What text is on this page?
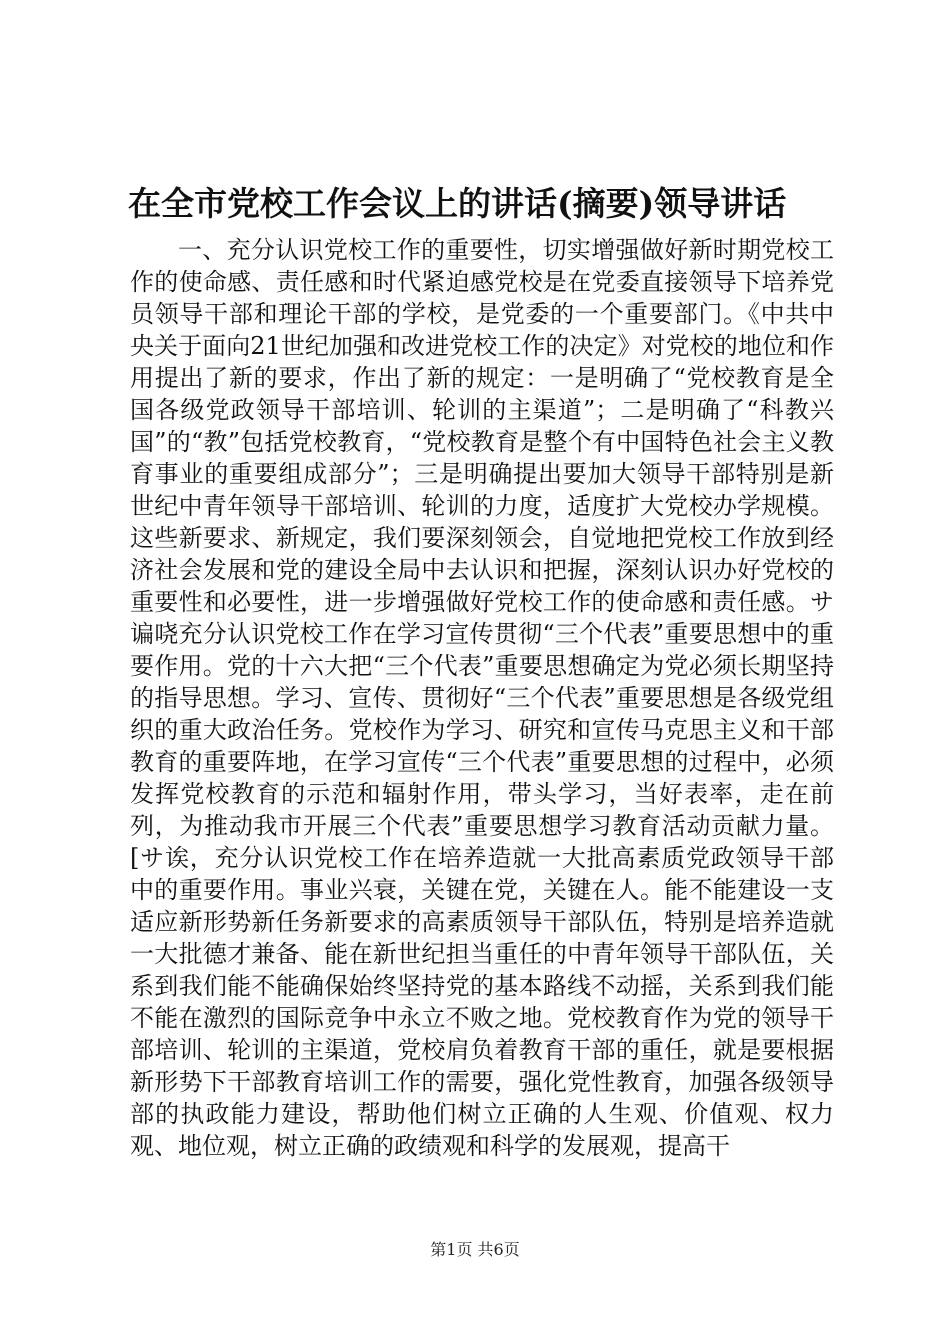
在全市党校工作会议上的讲话(摘要)领导讲话

一、充分认识党校工作的重要性，切实增强做好新时期党校工作的使命感、责任感和时代紧迫感党校是在党委直接领导下培养党员领导干部和理论干部的学校，是党委的一个重要部门。《中共中央关于面向21世纪加强和改进党校工作的决定》对党校的地位和作用提出了新的要求，作出了新的规定：一是明确了“党校教育是全国各级党政领导干部培训、轮训的主渠道”；二是明确了“科教兴国”的“教”包括党校教育，“党校教育是整个有中国特色社会主义教育事业的重要组成部分”；三是明确提出要加大领导干部特别是新世纪中青年领导干部培训、轮训的力度，适度扩大党校办学规模。这些新要求、新规定，我们要深刻领会，自觉地把党校工作放到经济社会发展和党的建设全局中去认识和把握，深刻认识办好党校的重要性和必要性，进一步增强做好党校工作的使命感和责任感。サ谝哓充分认识党校工作在学习宣传贯彻“三个代表”重要思想中的重要作用。党的十六大把“三个代表”重要思想确定为党必须长期坚持的指导思想。学习、宣传、贯彻好“三个代表”重要思想是各级党组织的重大政治任务。党校作为学习、研究和宣传马克思主义和干部教育的重要阵地，在学习宣传“三个代表”重要思想的过程中，必须发挥党校教育的示范和辐射作用，带头学习，当好表率，走在前列，为推动我市开展三个代表”重要思想学习教育活动贡献力量。[サ诶，充分认识党校工作在培养造就一大批高素质党政领导干部中的重要作用。事业兴衰，关键在党，关键在人。能不能建设一支适应新形势新任务新要求的高素质领导干部队伍，特别是培养造就一大批德才兼备、能在新世纪担当重任的中青年领导干部队伍，关系到我们能不能确保始终坚持党的基本路线不动摇，关系到我们能不能在激烈的国际竞争中永立不败之地。党校教育作为党的领导干部培训、轮训的主渠道，党校肩负着教育干部的重任，就是要根据新形势下干部教育培训工作的需要，强化党性教育，加强各级领导部的执政能力建设，帮助他们树立正确的人生观、价值观、权力观、地位观，树立正确的政绩观和科学的发展观，提高干

第1页 共6页
